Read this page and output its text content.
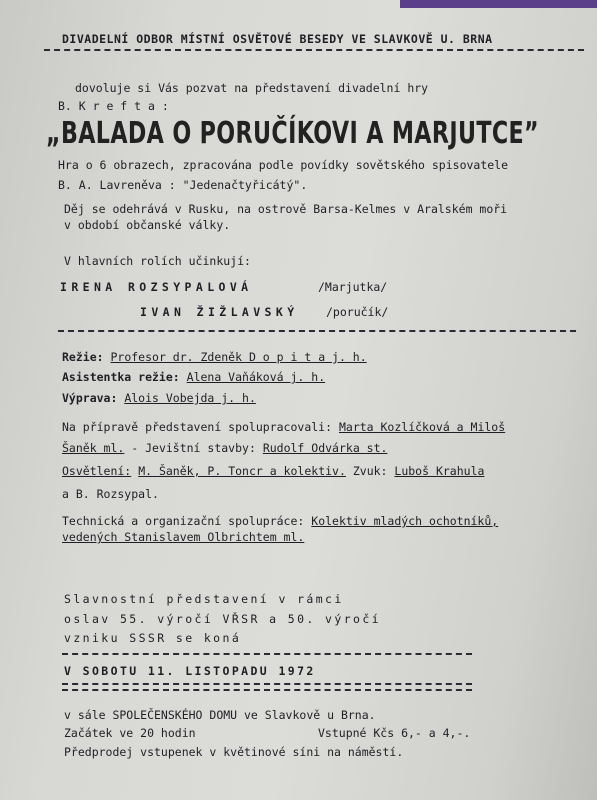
DIVADELNÍ ODBOR MÍSTNÍ OSVĚTOVÉ BESEDY VE SLAVKOVĚ U. BRNA
dovoluje si Vás pozvat na představení divadelní hry
B. K r e f t a :
„BALADA O PORUČÍKOVI A MARJUTCE”
Hra o 6 obrazech, zpracována podle povídky sovětského spisovatele
B. A. Lavreněva : "Jedenačtyřicátý".
Děj se odehrává v Rusku, na ostrově Barsa-Kelmes v Aralském moři
v období občanské války.
V hlavních rolích učinkují:
IRENA ROZSYPALOVÁ	/Marjutka/
IVAN ŽIŽLAVSKÝ /poručík/
Režie: Profesor dr. Zdeněk D o p i t a j. h.
Asistentka režie: Alena Vaňáková j. h.
Výprava: Alois Vobejda j. h.
Na přípravě představení spolupracovali: Marta Kozlíčková a Miloš
Šaněk ml. - Jevištní stavby: Rudolf Odvárka st.
Osvětlení: M. Šaněk, P. Toncr a kolektiv. Zvuk: Luboš Krahula
a B. Rozsypal.
Technická a organizační spolupráce: Kolektiv mladých ochotníků,
vedených Stanislavem Olbrichtem ml.
Slavnostní představení v rámci
oslav 55. výročí VŘSR a 50. výročí
vzniku SSSR se koná
V SOBOTU 11. LISTOPADU 1972
v sále SPOLEČENSKÉHO DOMU ve Slavkově u Brna.
Začátek ve 20 hodin	Vstupné Kčs 6,- a 4,-.
Předprodej vstupenek v květinové síni na náměstí.
